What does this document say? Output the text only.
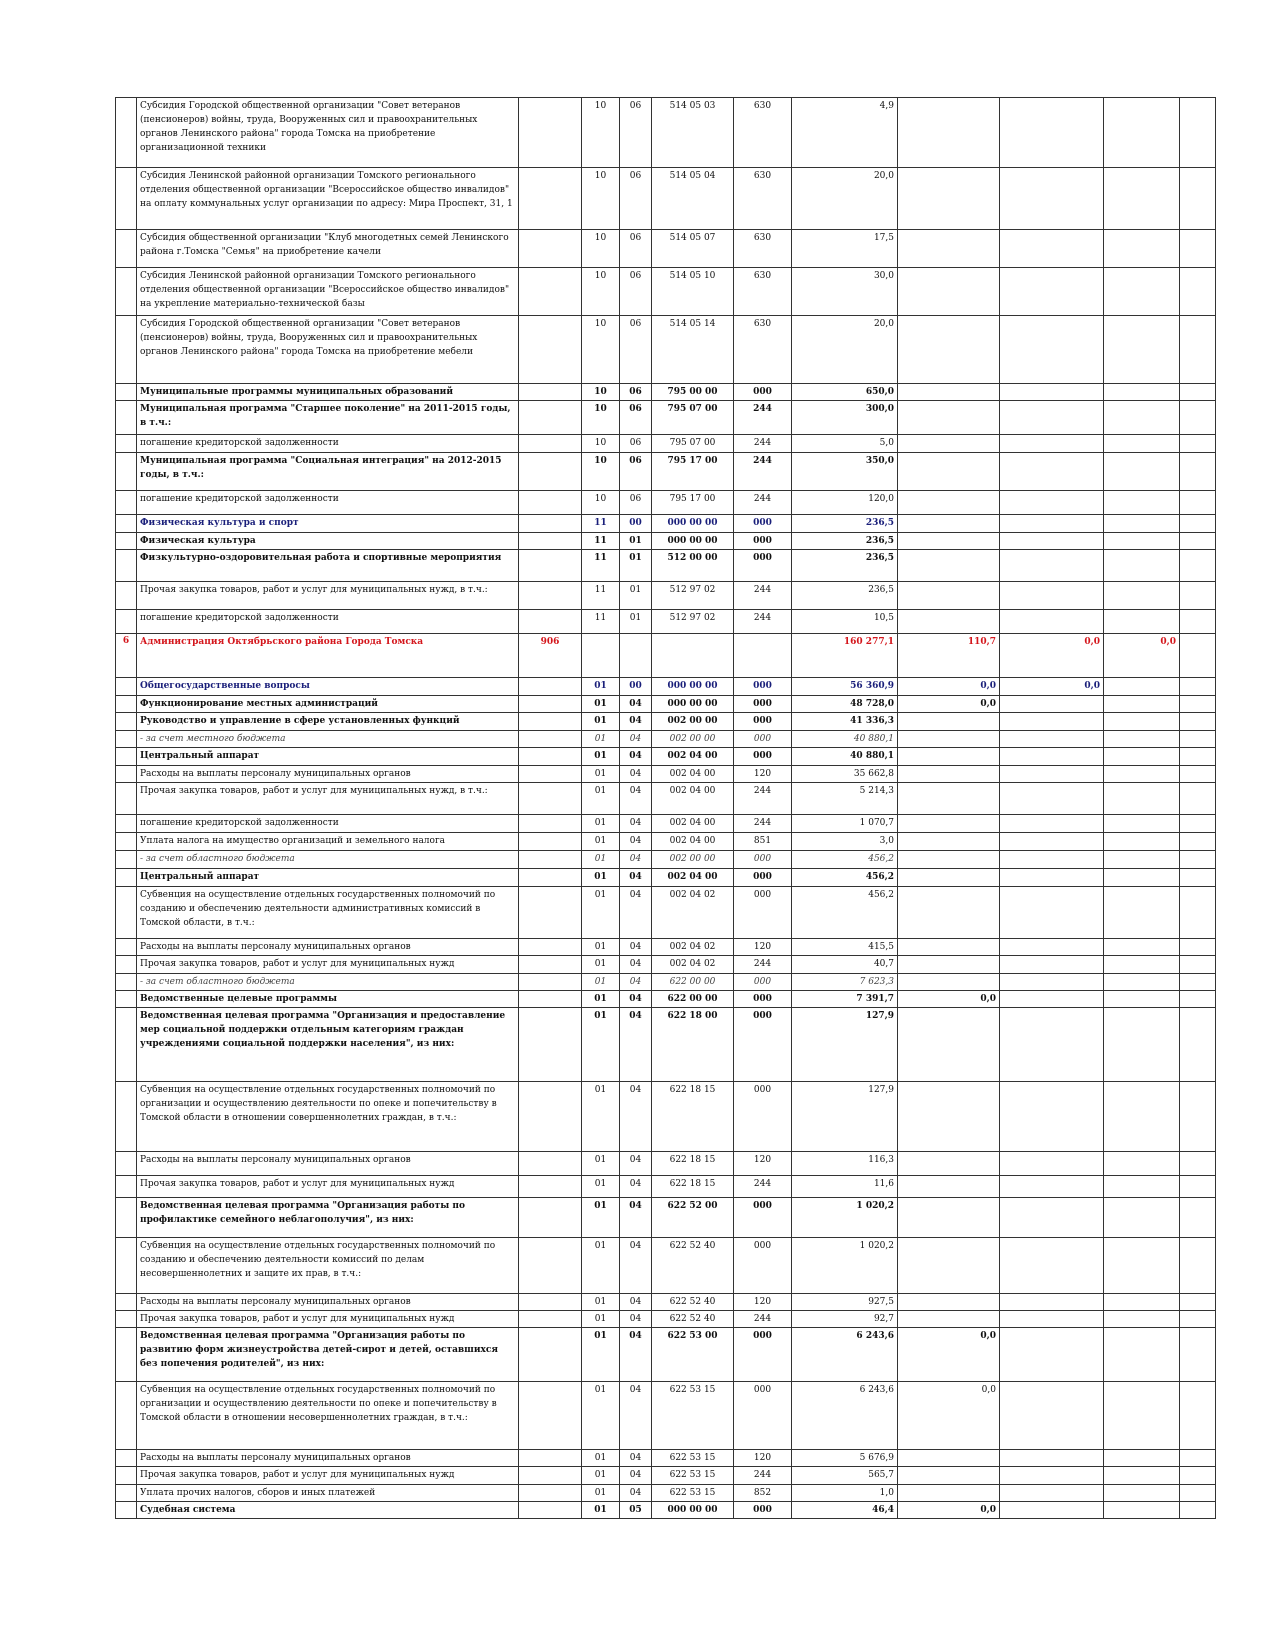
	Субсидия Городской общественной организации "Совет ветеранов (пенсионеров) войны, труда, Вооруженных сил и правоохранительных органов Ленинского района" города Томска на приобретение организационной техники		10	06	514 05 03	630	4,9				
	Субсидия Ленинской районной организации Томского регионального отделения общественной организации "Всероссийское общество инвалидов" на оплату коммунальных услуг организации по адресу: Мира Проспект, 31, 1		10	06	514 05 04	630	20,0				
	Субсидия общественной организации "Клуб многодетных семей Ленинского района г.Томска "Семья" на приобретение качели		10	06	514 05 07	630	17,5				
	Субсидия Ленинской районной организации Томского регионального отделения общественной организации "Всероссийское общество инвалидов" на укрепление материально-технической базы		10	06	514 05 10	630	30,0				
	Субсидия Городской общественной организации "Совет ветеранов (пенсионеров) войны, труда, Вооруженных сил и правоохранительных органов Ленинского района" города Томска на приобретение мебели		10	06	514 05 14	630	20,0				
	Муниципальные программы муниципальных образований		10	06	795 00 00	000	650,0				
	Муниципальная программа "Старшее поколение" на 2011-2015 годы, в т.ч.:		10	06	795 07 00	244	300,0				
	погашение кредиторской задолженности		10	06	795 07 00	244	5,0				
	Муниципальная программа "Социальная интеграция" на 2012-2015 годы, в т.ч.:		10	06	795 17 00	244	350,0				
	погашение кредиторской задолженности		10	06	795 17 00	244	120,0				
	Физическая культура и спорт		11	00	000 00 00	000	236,5				
	Физическая культура		11	01	000 00 00	000	236,5				
	Физкультурно-оздоровительная работа и спортивные мероприятия		11	01	512 00 00	000	236,5				
	Прочая закупка товаров, работ и услуг для муниципальных нужд, в т.ч.:		11	01	512 97 02	244	236,5				
	погашение кредиторской задолженности		11	01	512 97 02	244	10,5				
6	Администрация Октябрьского района Города Томска	906					160 277,1	110,7	0,0	0,0	
	Общегосударственные вопросы		01	00	000 00 00	000	56 360,9	0,0	0,0		
	Функционирование местных администраций		01	04	000 00 00	000	48 728,0	0,0			
	Руководство и управление в сфере установленных функций		01	04	002 00 00	000	41 336,3				
	- за счет местного бюджета		01	04	002 00 00	000	40 880,1				
	Центральный аппарат		01	04	002 04 00	000	40 880,1				
	Расходы на выплаты персоналу муниципальных органов		01	04	002 04 00	120	35 662,8				
	Прочая закупка товаров, работ и услуг для муниципальных нужд, в т.ч.:		01	04	002 04 00	244	5 214,3				
	погашение кредиторской задолженности		01	04	002 04 00	244	1 070,7				
	Уплата налога на имущество организаций и земельного налога		01	04	002 04 00	851	3,0				
	- за счет областного бюджета		01	04	002 00 00	000	456,2				
	Центральный аппарат		01	04	002 04 00	000	456,2				
	Субвенция на осуществление отдельных государственных полномочий по созданию и обеспечению деятельности административных комиссий в Томской области, в т.ч.:		01	04	002 04 02	000	456,2				
	Расходы на выплаты персоналу муниципальных органов		01	04	002 04 02	120	415,5				
	Прочая закупка товаров, работ и услуг для муниципальных нужд		01	04	002 04 02	244	40,7				
	- за счет областного бюджета		01	04	622 00 00	000	7 623,3				
	Ведомственные целевые программы		01	04	622 00 00	000	7 391,7	0,0			
	Ведомственная целевая программа "Организация и предоставление мер социальной поддержки отдельным категориям граждан учреждениями социальной поддержки населения", из них:		01	04	622 18 00	000	127,9				
	Субвенция на осуществление отдельных государственных полномочий по организации и осуществлению деятельности по опеке и попечительству в Томской области в отношении совершеннолетних граждан, в т.ч.:		01	04	622 18 15	000	127,9				
	Расходы на выплаты персоналу муниципальных органов		01	04	622 18 15	120	116,3				
	Прочая закупка товаров, работ и услуг для муниципальных нужд		01	04	622 18 15	244	11,6				
	Ведомственная целевая программа "Организация работы по профилактике семейного неблагополучия", из них:		01	04	622 52 00	000	1 020,2				
	Субвенция на осуществление отдельных государственных полномочий по созданию и обеспечению деятельности комиссий по делам несовершеннолетних и защите их прав, в т.ч.:		01	04	622 52 40	000	1 020,2				
	Расходы на выплаты персоналу муниципальных органов		01	04	622 52 40	120	927,5				
	Прочая закупка товаров, работ и услуг для муниципальных нужд		01	04	622 52 40	244	92,7				
	Ведомственная целевая программа "Организация работы по развитию форм жизнеустройства детей-сирот и детей, оставшихся без попечения родителей", из них:		01	04	622 53 00	000	6 243,6	0,0			
	Субвенция на осуществление отдельных государственных полномочий по организации и осуществлению деятельности по опеке и попечительству в Томской области в отношении несовершеннолетних граждан, в т.ч.:		01	04	622 53 15	000	6 243,6	0,0			
	Расходы на выплаты персоналу муниципальных органов		01	04	622 53 15	120	5 676,9				
	Прочая закупка товаров, работ и услуг для муниципальных нужд		01	04	622 53 15	244	565,7				
	Уплата прочих налогов, сборов и иных платежей		01	04	622 53 15	852	1,0				
	Судебная система		01	05	000 00 00	000	46,4	0,0			
